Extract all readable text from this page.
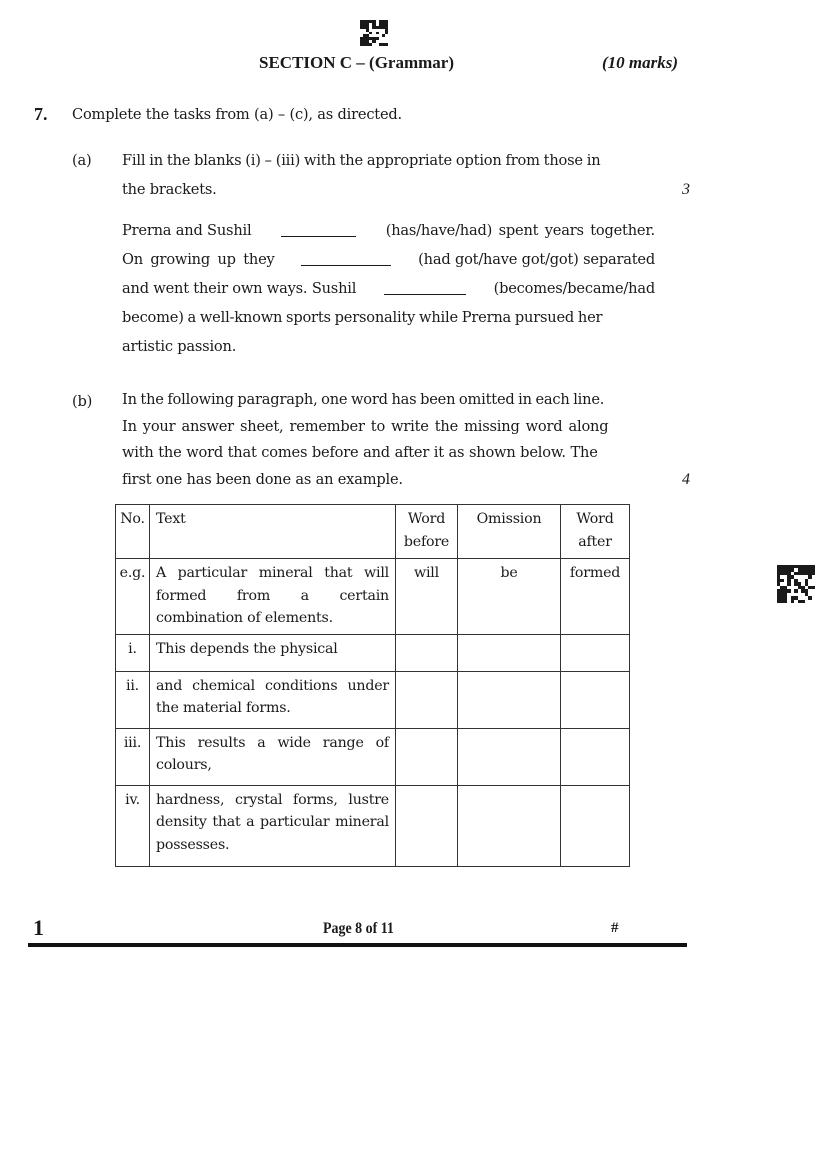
SECTION C – (Grammar)	(10 marks)
7. Complete the tasks from (a) – (c), as directed.
(a) Fill in the blanks (i) – (iii) with the appropriate option from those in
the brackets.	3
Prerna and Sushil	(has/have/had) spent years together.
On growing up they	(had got/have got/got) separated
and went their own ways. Sushil	(becomes/became/had
become) a well-known sports personality while Prerna pursued her
artistic passion.
(b) In the following paragraph, one word has been omitted in each line.
In your answer sheet, remember to write the missing word along
with the word that comes before and after it as shown below. The
first one has been done as an example.	4
No.	Text	Word before	Omission	Word after
e.g.	A particular mineral that will formed from a certain combination of elements.	will	be	formed
i.	This depends the physical			
ii.	and chemical conditions under the material forms.			
iii.	This results a wide range of colours,			
iv.	hardness, crystal forms, lustre density that a particular mineral possesses.			
1	Page 8 of 11	#
